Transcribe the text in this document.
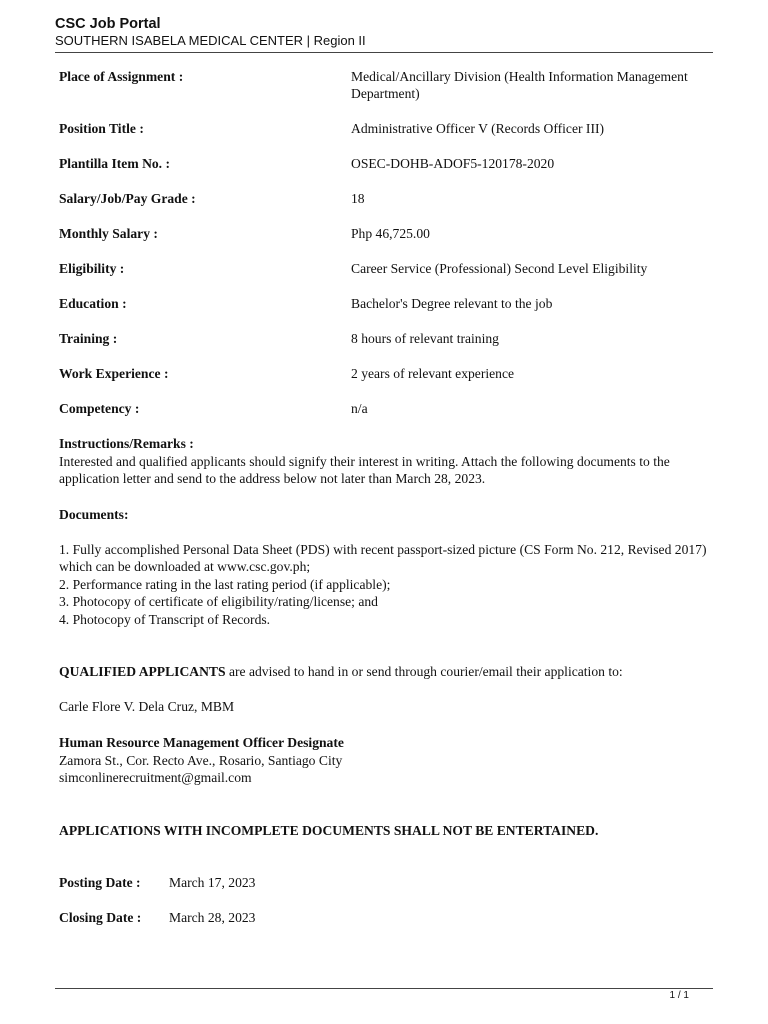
CSC Job Portal
SOUTHERN ISABELA MEDICAL CENTER | Region II
Place of Assignment :	Medical/Ancillary Division (Health Information Management Department)
Position Title :	Administrative Officer V (Records Officer III)
Plantilla Item No. :	OSEC-DOHB-ADOF5-120178-2020
Salary/Job/Pay Grade :	18
Monthly Salary :	Php 46,725.00
Eligibility :	Career Service (Professional) Second Level Eligibility
Education :	Bachelor's Degree relevant to the job
Training :	8 hours of relevant training
Work Experience :	2 years of relevant experience
Competency :	n/a

Instructions/Remarks :

Interested and qualified applicants should signify their interest in writing. Attach the following documents to the application letter and send to the address below not later than March 28, 2023.

Documents:

1. Fully accomplished Personal Data Sheet (PDS) with recent passport-sized picture (CS Form No. 212, Revised 2017) which can be downloaded at www.csc.gov.ph;

2. Performance rating in the last rating period (if applicable);

3. Photocopy of certificate of eligibility/rating/license; and

4. Photocopy of Transcript of Records.

QUALIFIED APPLICANTS are advised to hand in or send through courier/email their application to:

Carle Flore V. Dela Cruz, MBM

Human Resource Management Officer Designate

Zamora St., Cor. Recto Ave., Rosario, Santiago City

simconlinerecruitment@gmail.com

APPLICATIONS WITH INCOMPLETE DOCUMENTS SHALL NOT BE ENTERTAINED.

Posting Date :	March 17, 2023
Closing Date :	March 28, 2023
1 / 1
